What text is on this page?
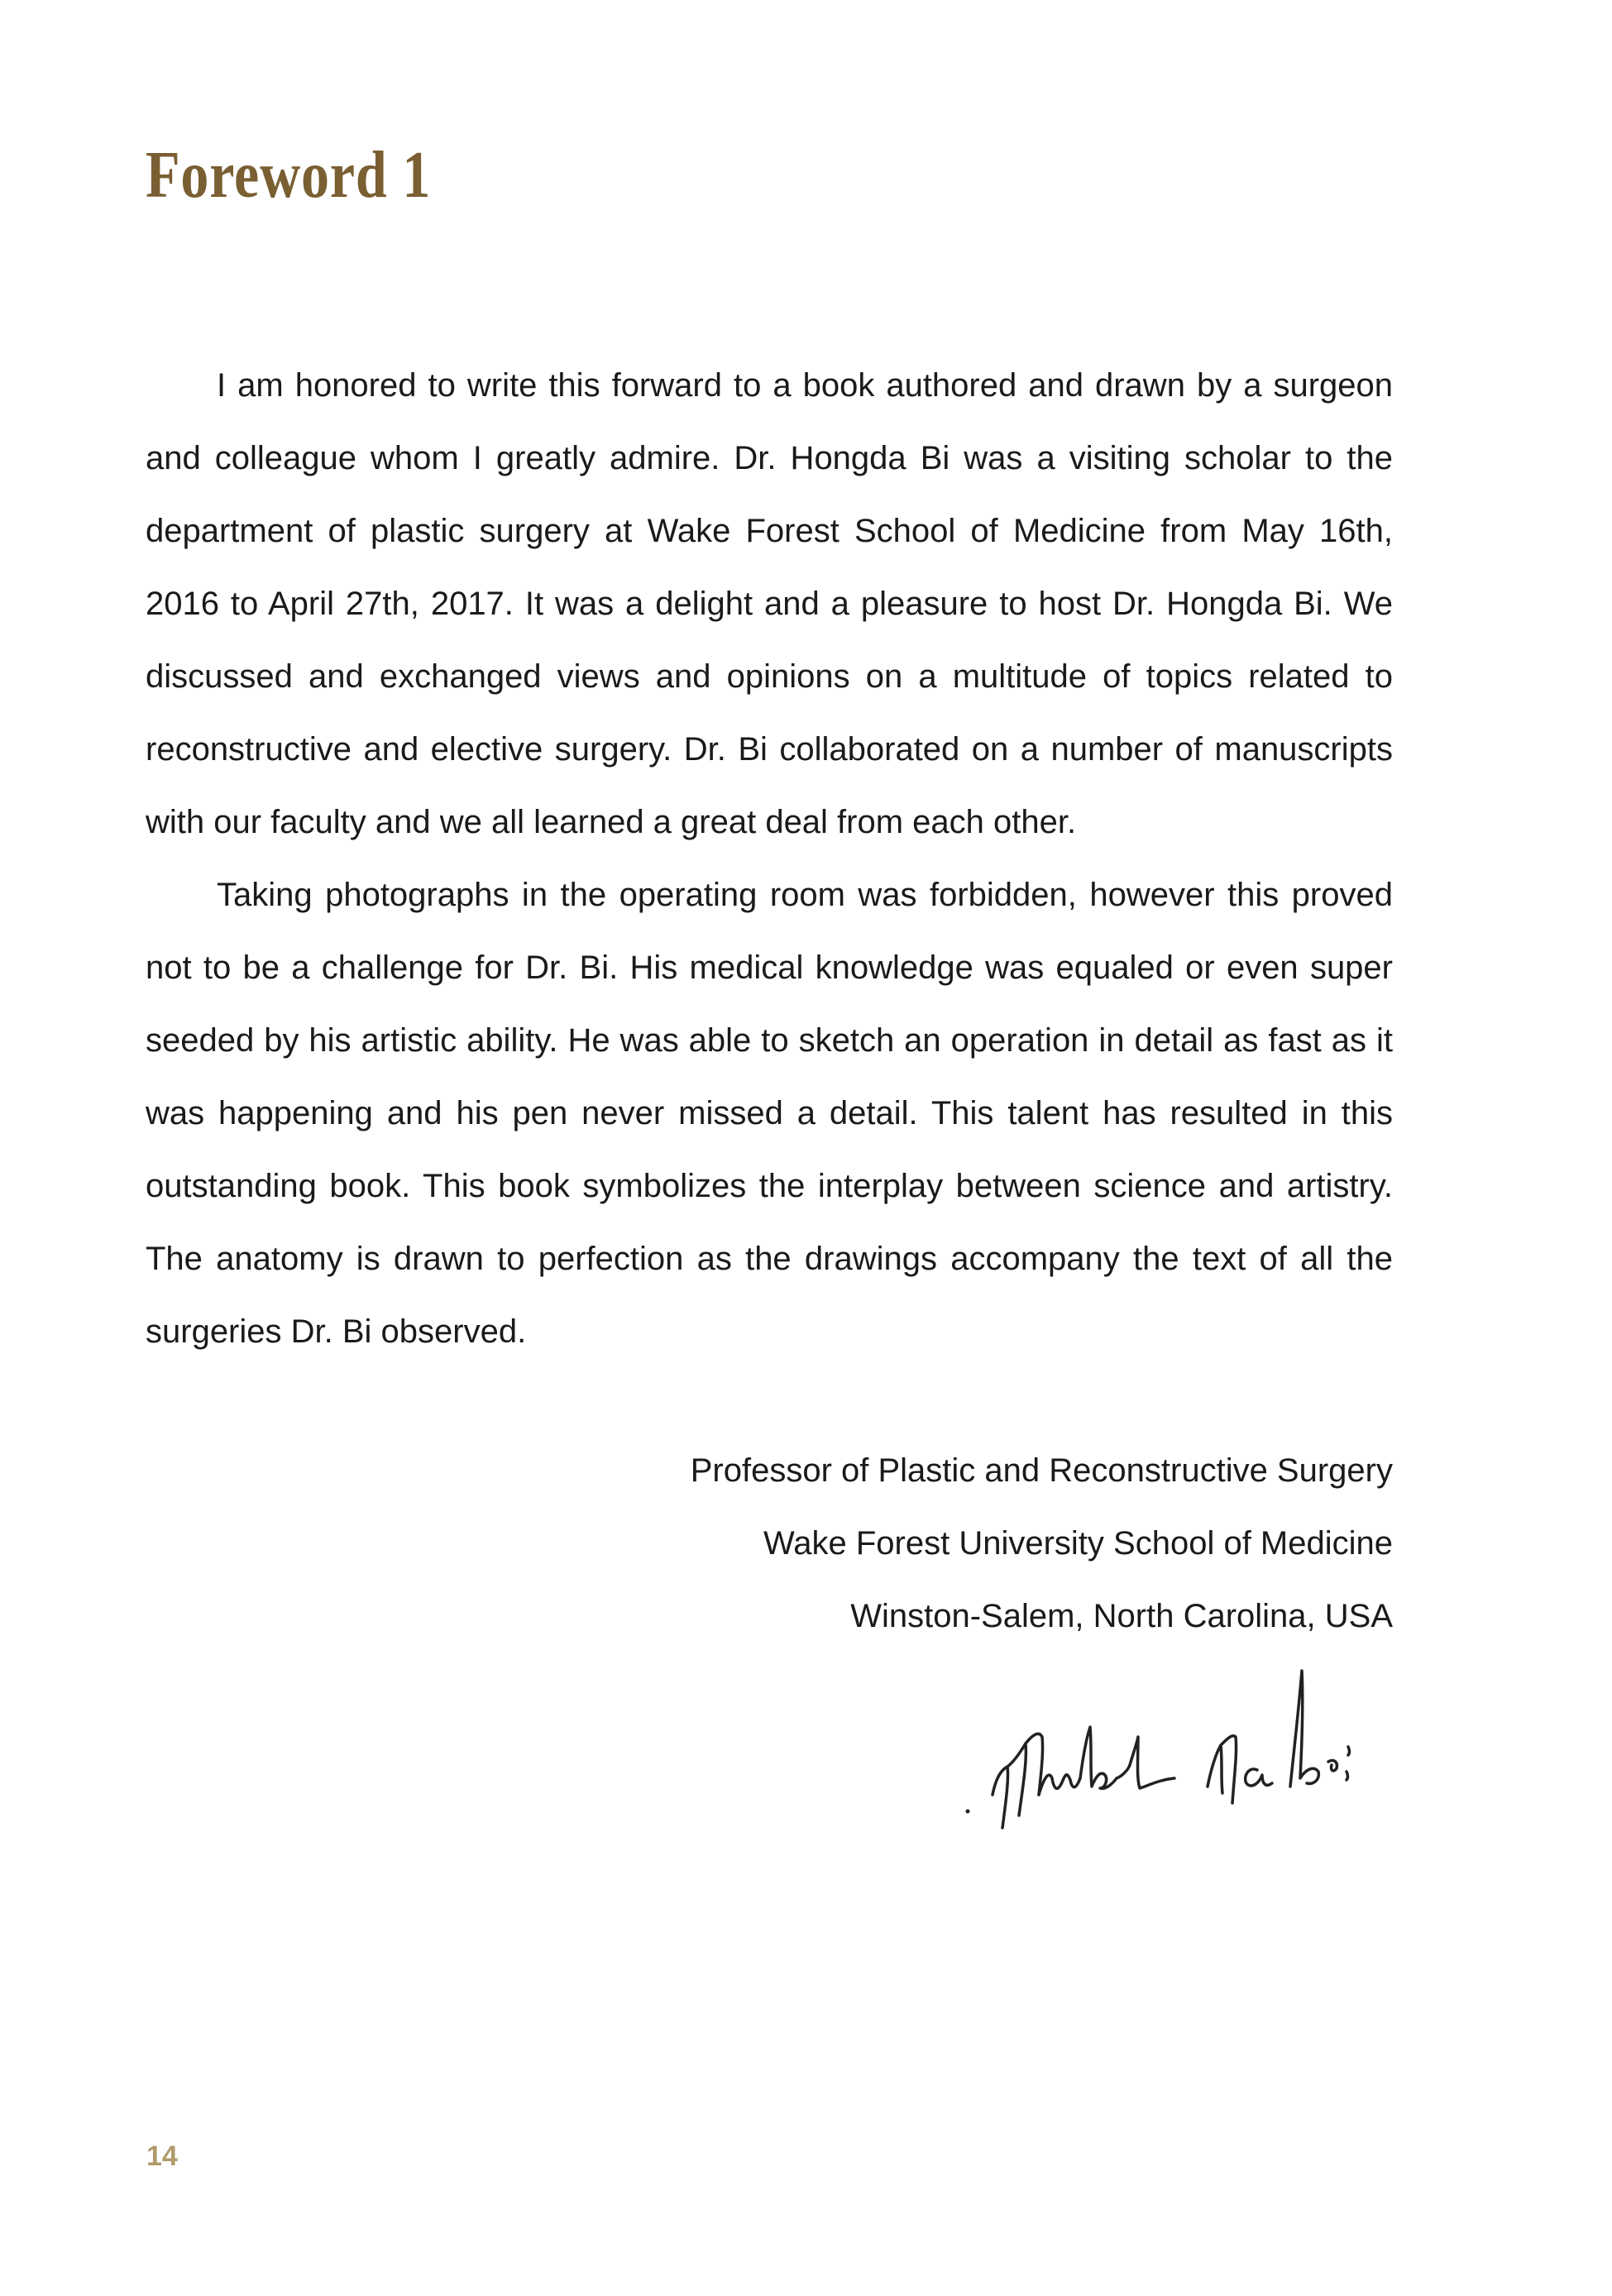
Foreword 1

I am honored to write this forward to a book authored and drawn by a surgeon and colleague whom I greatly admire. Dr. Hongda Bi was a visiting scholar to the department of plastic surgery at Wake Forest School of Medicine from May 16th, 2016 to April 27th, 2017. It was a delight and a pleasure to host Dr. Hongda Bi. We discussed and exchanged views and opinions on a multitude of topics related to reconstructive and elective surgery. Dr. Bi collaborated on a number of manuscripts with our faculty and we all learned a great deal from each other.

Taking photographs in the operating room was forbidden, however this proved not to be a challenge for Dr. Bi. His medical knowledge was equaled or even super seeded by his artistic ability. He was able to sketch an operation in detail as fast as it was happening and his pen never missed a detail. This talent has resulted in this outstanding book. This book symbolizes the interplay between science and artistry. The anatomy is drawn to perfection as the drawings accompany the text of all the surgeries Dr. Bi observed.

Professor of Plastic and Reconstructive Surgery
Wake Forest University School of Medicine
Winston-Salem, North Carolina, USA
14
